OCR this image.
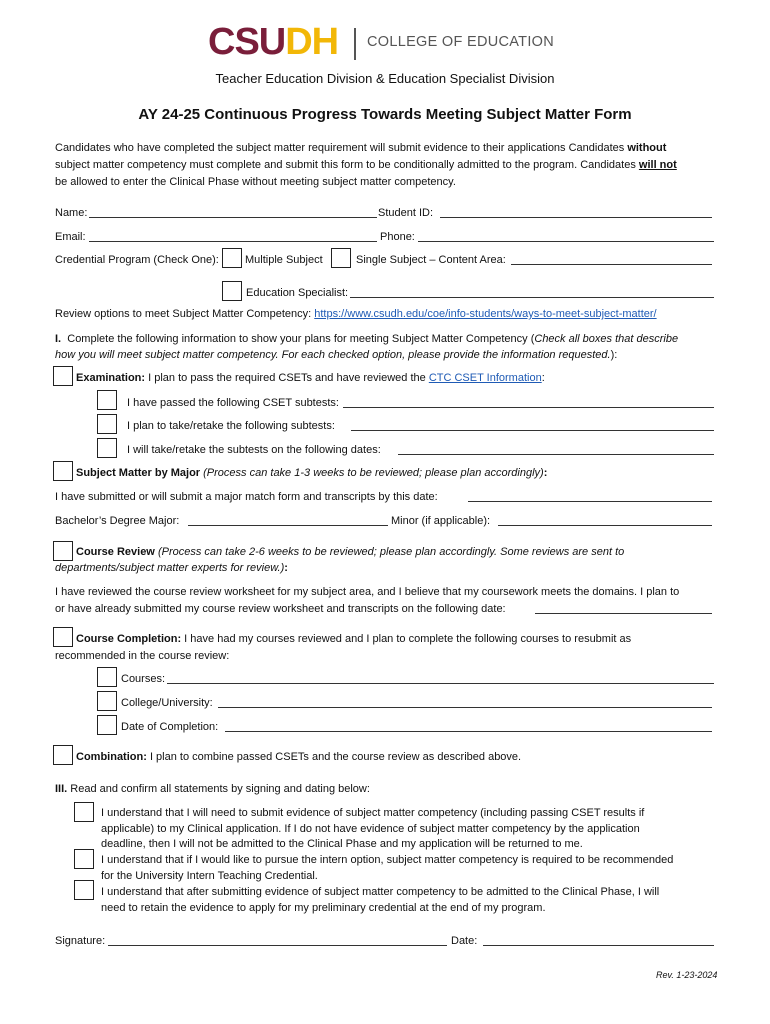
CSUDH COLLEGE OF EDUCATION
Teacher Education Division & Education Specialist Division
AY 24-25 Continuous Progress Towards Meeting Subject Matter Form
Candidates who have completed the subject matter requirement will submit evidence to their applications Candidates without
subject matter competency must complete and submit this form to be conditionally admitted to the program. Candidates will not
be allowed to enter the Clinical Phase without meeting subject matter competency.
Name:	Student ID:
Email:	Phone:
Credential Program (Check One): Multiple Subject	Single Subject – Content Area:
Education Specialist:
Review options to meet Subject Matter Competency: https://www.csudh.edu/coe/info-students/ways-to-meet-subject-matter/
I. Complete the following information to show your plans for meeting Subject Matter Competency (Check all boxes that describe
how you will meet subject matter competency. For each checked option, please provide the information requested.):
Examination: I plan to pass the required CSETs and have reviewed the CTC CSET Information:
I have passed the following CSET subtests:
I plan to take/retake the following subtests:
I will take/retake the subtests on the following dates:
Subject Matter by Major (Process can take 1-3 weeks to be reviewed; please plan accordingly):
I have submitted or will submit a major match form and transcripts by this date:
Bachelor’s Degree Major:	Minor (if applicable):
Course Review (Process can take 2-6 weeks to be reviewed; please plan accordingly. Some reviews are sent to
departments/subject matter experts for review.):
I have reviewed the course review worksheet for my subject area, and I believe that my coursework meets the domains. I plan to
or have already submitted my course review worksheet and transcripts on the following date:
Course Completion: I have had my courses reviewed and I plan to complete the following courses to resubmit as
recommended in the course review:
Courses:
College/University:
Date of Completion:
Combination: I plan to combine passed CSETs and the course review as described above.
III. Read and confirm all statements by signing and dating below:
I understand that I will need to submit evidence of subject matter competency (including passing CSET results if
applicable) to my Clinical application. If I do not have evidence of subject matter competency by the application
deadline, then I will not be admitted to the Clinical Phase and my application will be returned to me.
I understand that if I would like to pursue the intern option, subject matter competency is required to be recommended
for the University Intern Teaching Credential.
I understand that after submitting evidence of subject matter competency to be admitted to the Clinical Phase, I will
need to retain the evidence to apply for my preliminary credential at the end of my program.
Signature:	Date:
Rev. 1-23-2024
